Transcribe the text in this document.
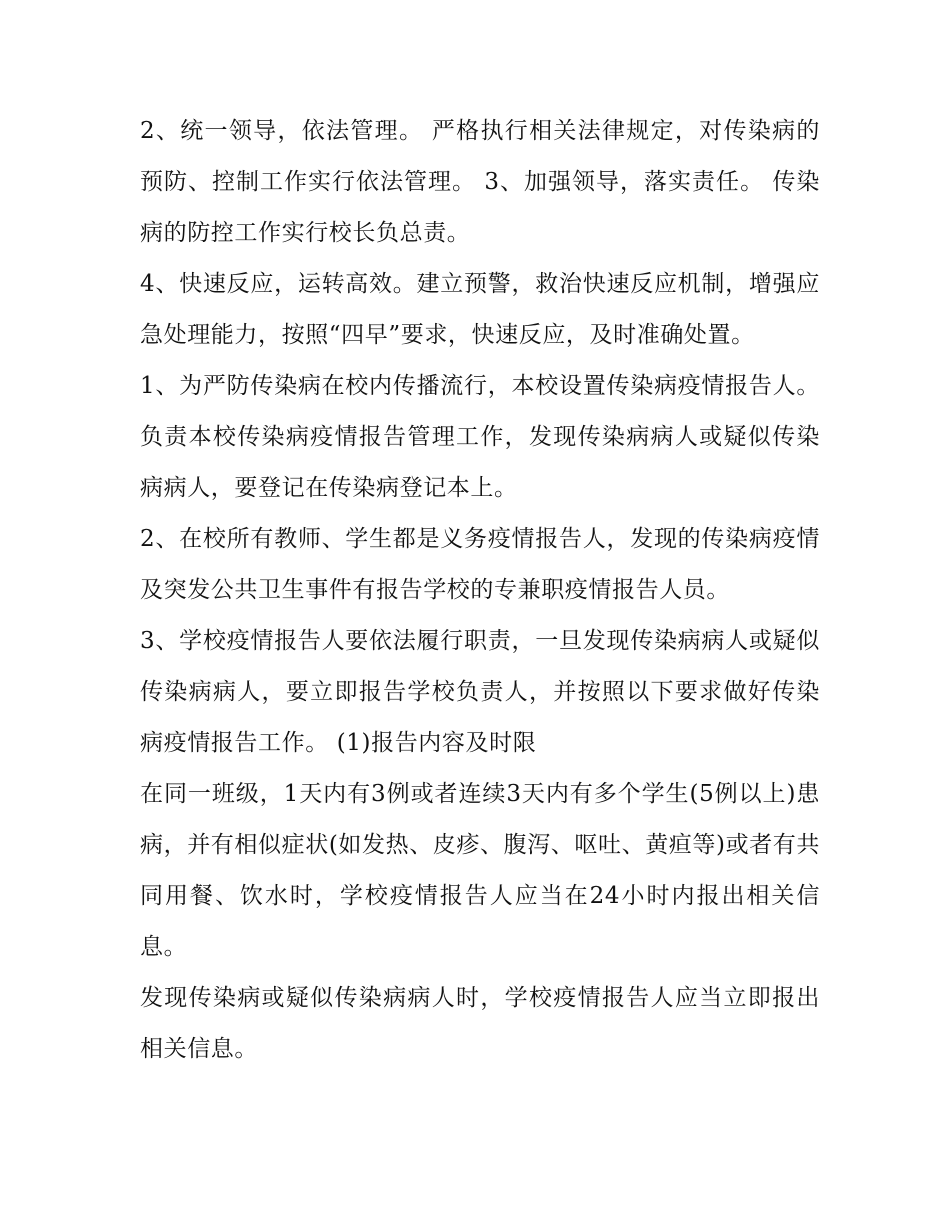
2、统一领导，依法管理。 严格执行相关法律规定，对传染病的预防、控制工作实行依法管理。 3、加强领导，落实责任。 传染病的防控工作实行校长负总责。

4、快速反应，运转高效。建立预警，救治快速反应机制，增强应急处理能力，按照“四早”要求，快速反应，及时准确处置。

1、为严防传染病在校内传播流行，本校设置传染病疫情报告人。负责本校传染病疫情报告管理工作，发现传染病病人或疑似传染病病人，要登记在传染病登记本上。

2、在校所有教师、学生都是义务疫情报告人，发现的传染病疫情及突发公共卫生事件有报告学校的专兼职疫情报告人员。

3、学校疫情报告人要依法履行职责，一旦发现传染病病人或疑似传染病病人，要立即报告学校负责人，并按照以下要求做好传染病疫情报告工作。 (1)报告内容及时限

在同一班级，1天内有3例或者连续3天内有多个学生(5例以上)患病，并有相似症状(如发热、皮疹、腹泻、呕吐、黄疸等)或者有共同用餐、饮水时，学校疫情报告人应当在24小时内报出相关信息。

发现传染病或疑似传染病病人时，学校疫情报告人应当立即报出相关信息。
